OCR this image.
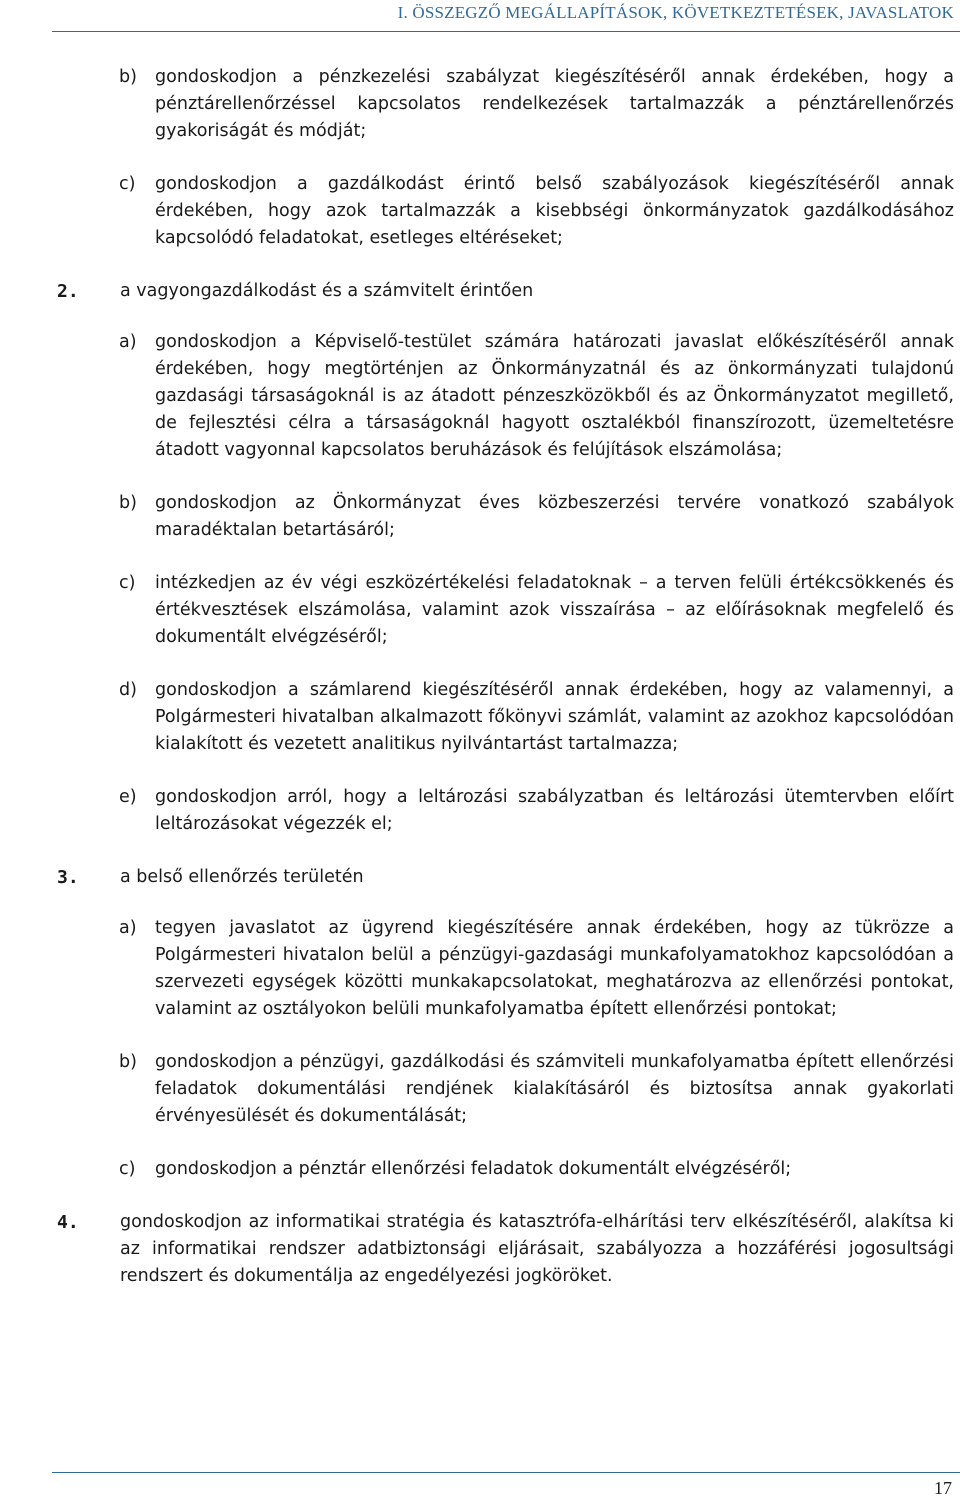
I. ÖSSZEGZŐ MEGÁLLAPÍTÁSOK, KÖVETKEZTETÉSEK, JAVASLATOK
b) gondoskodjon a pénzkezelési szabályzat kiegészítéséről annak érdekében, hogy a pénztárellenőrzéssel kapcsolatos rendelkezések tartalmazzák a pénztárellenőrzés gyakoriságát és módját;
c) gondoskodjon a gazdálkodást érintő belső szabályozások kiegészítéséről annak érdekében, hogy azok tartalmazzák a kisebbségi önkormányzatok gazdálkodásához kapcsolódó feladatokat, esetleges eltéréseket;
2.	a vagyongazdálkodást és a számvitelt érintően
a) gondoskodjon a Képviselő-testület számára határozati javaslat előkészítéséről annak érdekében, hogy megtörténjen az Önkormányzatnál és az önkormányzati tulajdonú gazdasági társaságoknál is az átadott pénzeszközökből és az Önkormányzatot megillető, de fejlesztési célra a társaságoknál hagyott osztalékból finanszírozott, üzemeltetésre átadott vagyonnal kapcsolatos beruházások és felújítások elszámolása;
b) gondoskodjon az Önkormányzat éves közbeszerzési tervére vonatkozó szabályok maradéktalan betartásáról;
c) intézkedjen az év végi eszközértékelési feladatoknak – a terven felüli értékcsökkenés és értékvesztések elszámolása, valamint azok visszaírása – az előírásoknak megfelelő és dokumentált elvégzéséről;
d) gondoskodjon a számlarend kiegészítéséről annak érdekében, hogy az valamennyi, a Polgármesteri hivatalban alkalmazott főkönyvi számlát, valamint az azokhoz kapcsolódóan kialakított és vezetett analitikus nyilvántartást tartalmazza;
e) gondoskodjon arról, hogy a leltározási szabályzatban és leltározási ütemtervben előírt leltározásokat végezzék el;
3.	a belső ellenőrzés területén
a) tegyen javaslatot az ügyrend kiegészítésére annak érdekében, hogy az tükrözze a Polgármesteri hivatalon belül a pénzügyi-gazdasági munkafolyamatokhoz kapcsolódóan a szervezeti egységek közötti munkakapcsolatokat, meghatározva az ellenőrzési pontokat, valamint az osztályokon belüli munkafolyamatba épített ellenőrzési pontokat;
b) gondoskodjon a pénzügyi, gazdálkodási és számviteli munkafolyamatba épített ellenőrzési feladatok dokumentálási rendjének kialakításáról és biztosítsa annak gyakorlati érvényesülését és dokumentálását;
c) gondoskodjon a pénztár ellenőrzési feladatok dokumentált elvégzéséről;
4.	gondoskodjon az informatikai stratégia és katasztrófa-elhárítási terv elkészítéséről, alakítsa ki az informatikai rendszer adatbiztonsági eljárásait, szabályozza a hozzáférési jogosultsági rendszert és dokumentálja az engedélyezési jogköröket.
17
